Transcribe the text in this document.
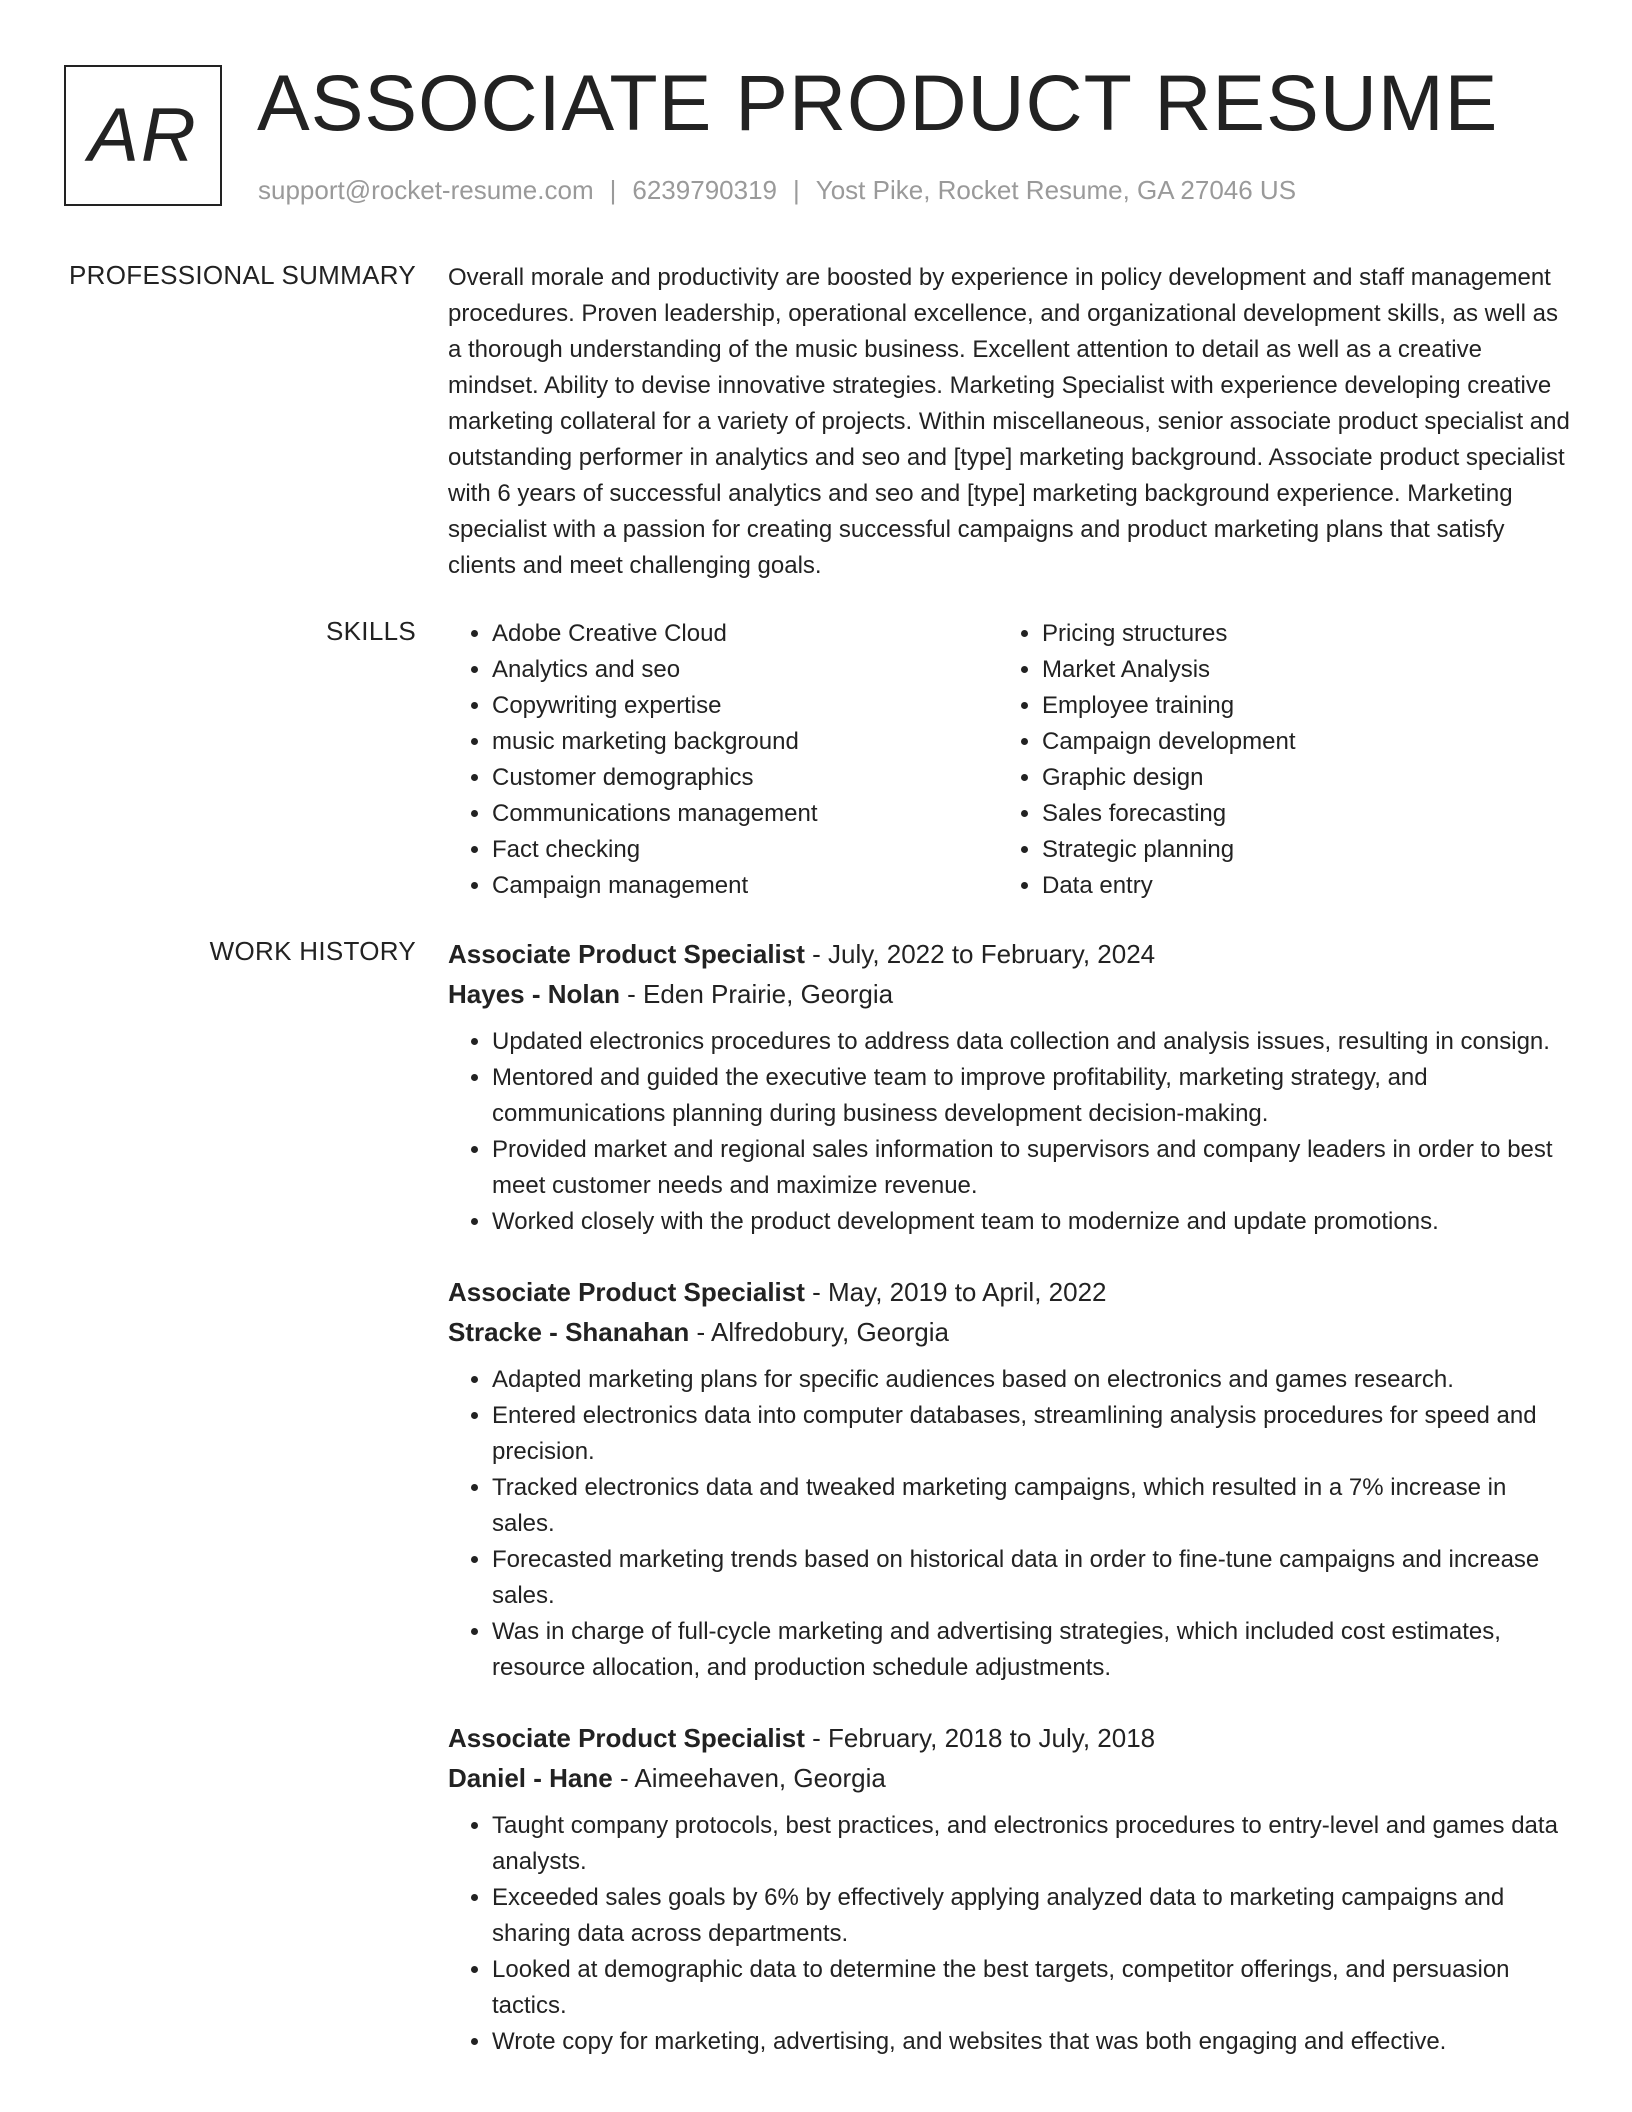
AR ASSOCIATE PRODUCT RESUME
support@rocket-resume.com | 6239790319 | Yost Pike, Rocket Resume, GA 27046 US
PROFESSIONAL SUMMARY Overall morale and productivity are boosted by experience in policy development and staff management procedures. Proven leadership, operational excellence, and organizational development skills, as well as a thorough understanding of the music business. Excellent attention to detail as well as a creative mindset. Ability to devise innovative strategies. Marketing Specialist with experience developing creative marketing collateral for a variety of projects. Within miscellaneous, senior associate product specialist and outstanding performer in analytics and seo and [type] marketing background. Associate product specialist with 6 years of successful analytics and seo and [type] marketing background experience. Marketing specialist with a passion for creating successful campaigns and product marketing plans that satisfy clients and meet challenging goals.

SKILLS
•	Adobe Creative Cloud
• Analytics and seo
• Copywriting expertise
• music marketing background
• Customer demographics
• Communications management
• Fact checking
• Campaign management
• Pricing structures
• Market Analysis
• Employee training
• Campaign development
• Graphic design
• Sales forecasting
• Strategic planning
• Data entry
WORK HISTORY Associate Product Specialist - July, 2022 to February, 2024
Hayes - Nolan - Eden Prairie, Georgia
• Updated electronics procedures to address data collection and analysis issues, resulting in consign.
• Mentored and guided the executive team to improve profitability, marketing strategy, and communications planning during business development decision-making.
• Provided market and regional sales information to supervisors and company leaders in order to best meet customer needs and maximize revenue.
• Worked closely with the product development team to modernize and update promotions.
Associate Product Specialist - May, 2019 to April, 2022
Stracke - Shanahan - Alfredobury, Georgia
• Adapted marketing plans for specific audiences based on electronics and games research.
• Entered electronics data into computer databases, streamlining analysis procedures for speed and precision.
• Tracked electronics data and tweaked marketing campaigns, which resulted in a 7% increase in sales.
• Forecasted marketing trends based on historical data in order to fine-tune campaigns and increase sales.
• Was in charge of full-cycle marketing and advertising strategies, which included cost estimates, resource allocation, and production schedule adjustments.
Associate Product Specialist - February, 2018 to July, 2018
Daniel - Hane - Aimeehaven, Georgia
• Taught company protocols, best practices, and electronics procedures to entry-level and games data analysts.
• Exceeded sales goals by 6% by effectively applying analyzed data to marketing campaigns and sharing data across departments.
• Looked at demographic data to determine the best targets, competitor offerings, and persuasion tactics.
• Wrote copy for marketing, advertising, and websites that was both engaging and effective.
